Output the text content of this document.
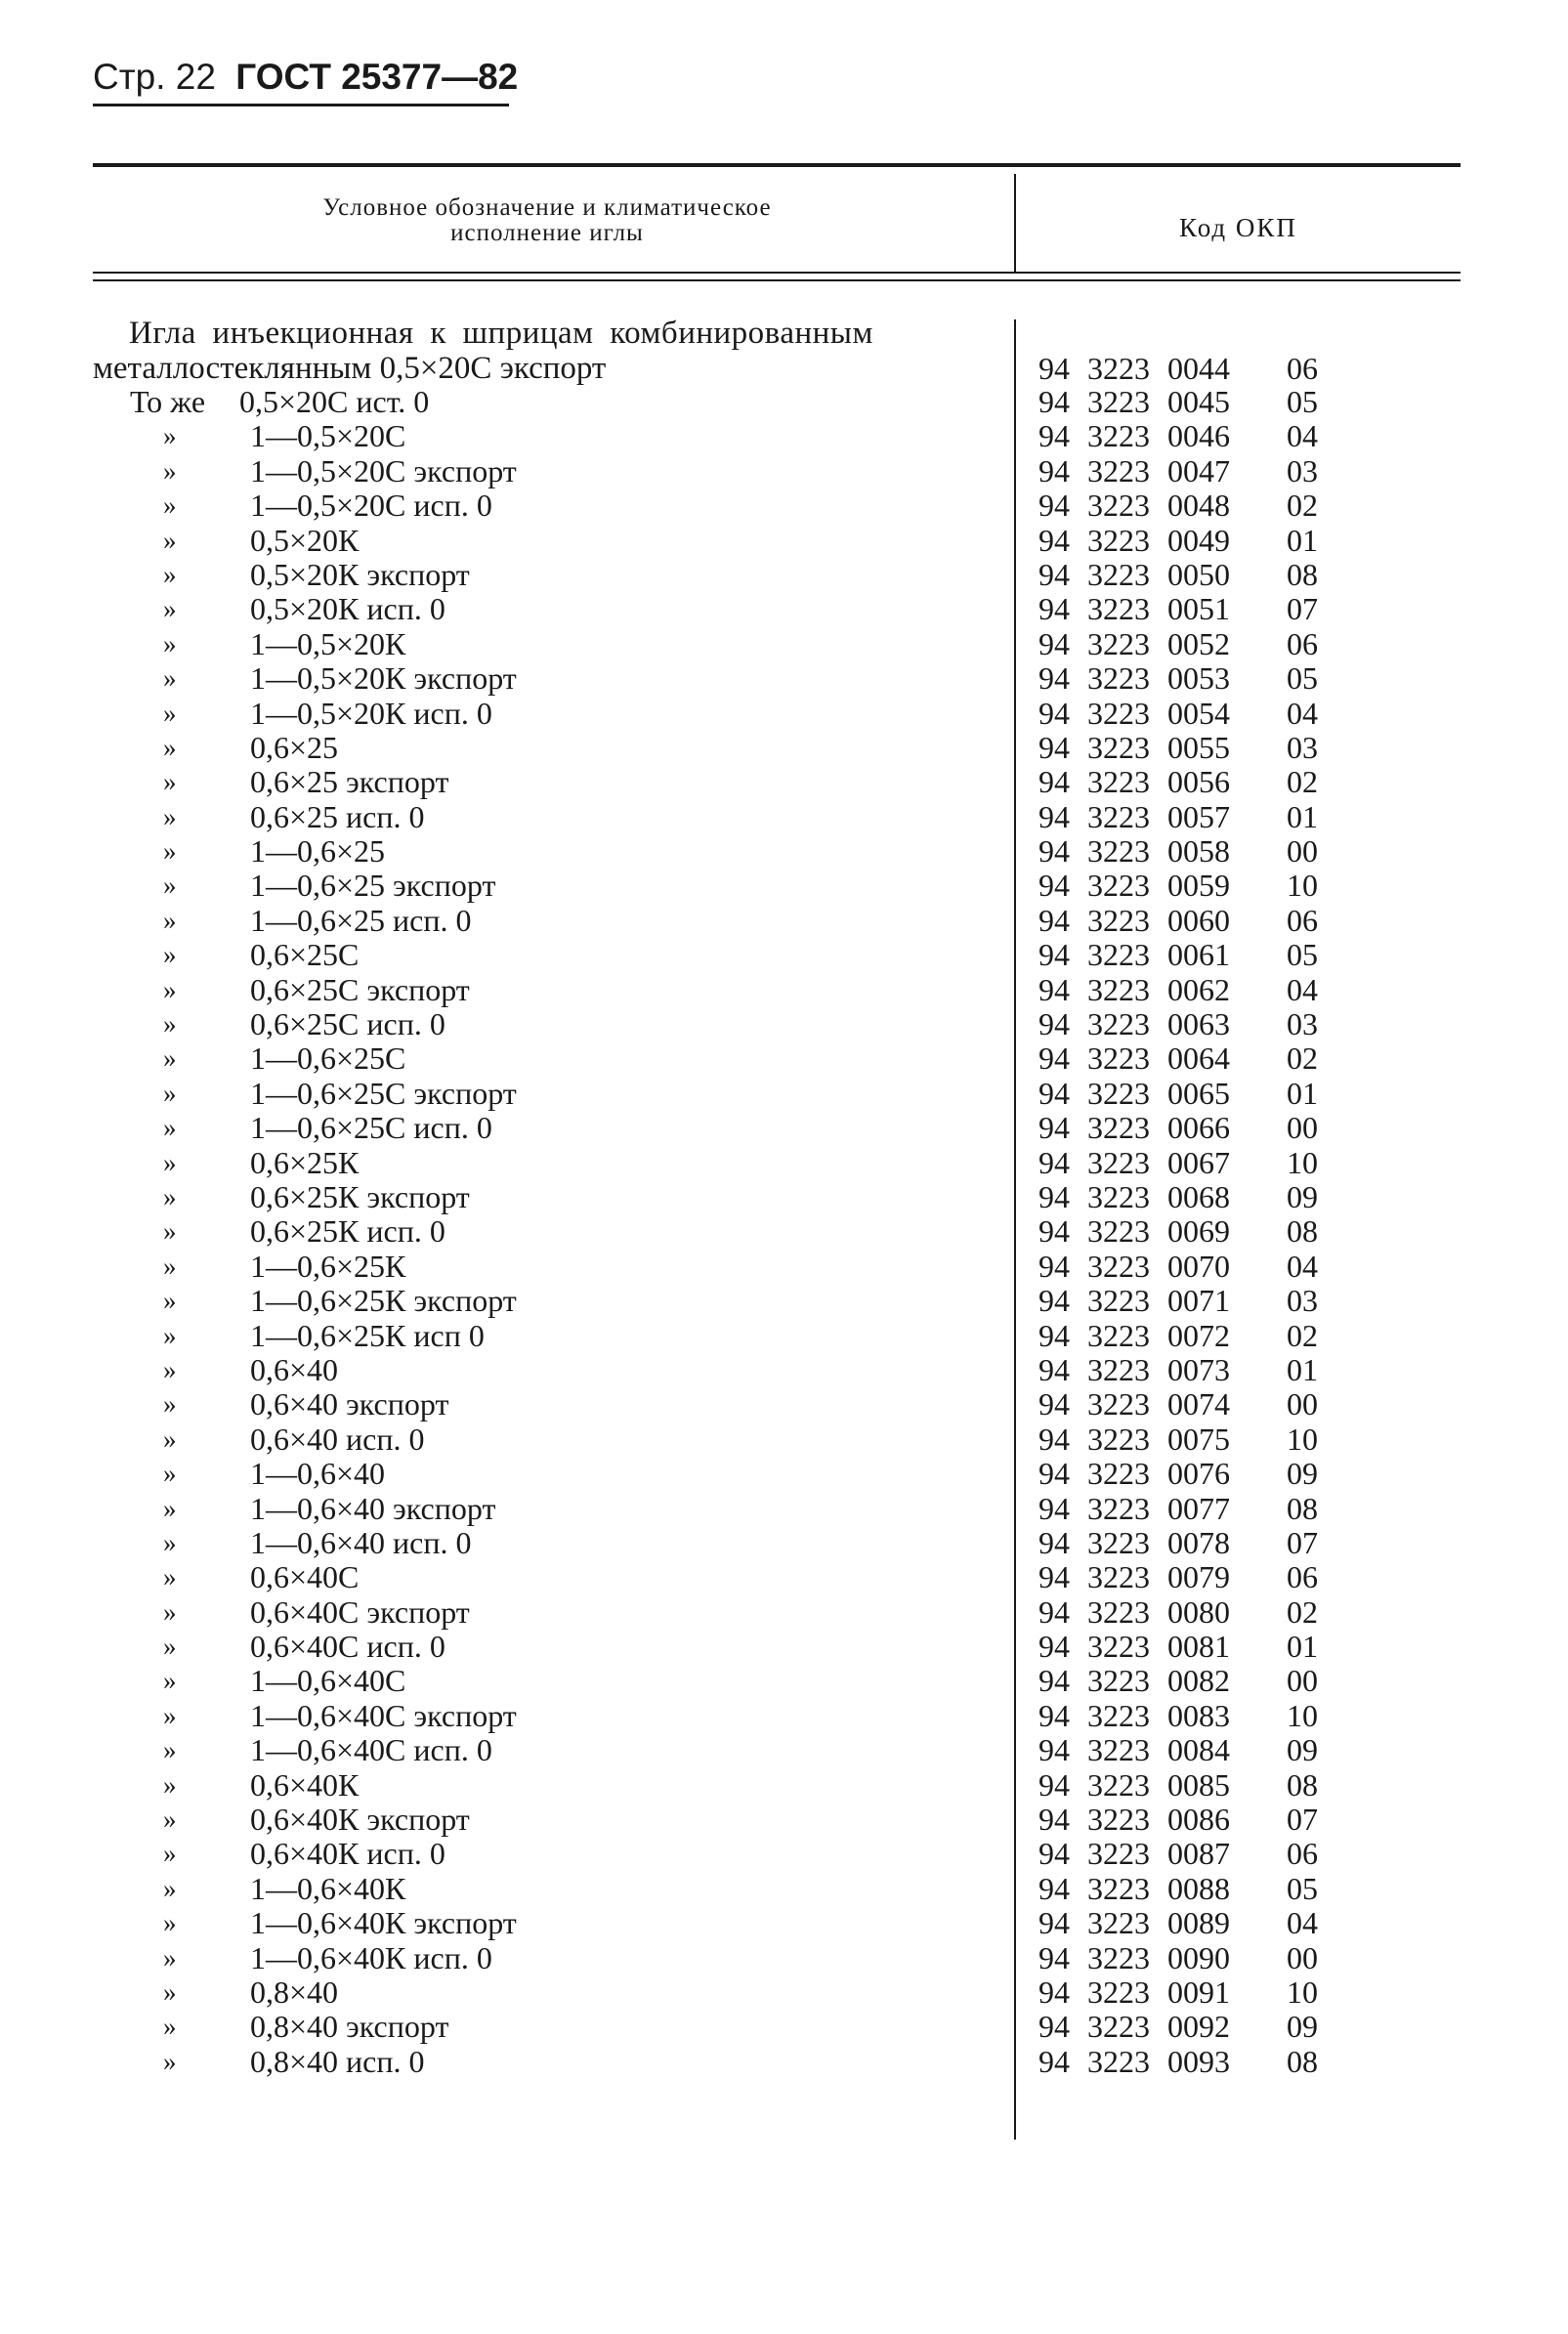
Стр. 22 ГОСТ 25377—82
Условное обозначение и климатическое
исполнение иглы	Код ОКП
Игла инъекционная к шприцам комбинированным
металлостеклянным 0,5×20С экспорт	94 3223 0044 06
То же 0,5×20С ист. 0	94 3223 0045 05
» 1—0,5×20С	94 3223 0046 04
» 1—0,5×20С экспорт	94 3223 0047 03
» 1—0,5×20С исп. 0	94 3223 0048 02
» 0,5×20К	94 3223 0049 01
» 0,5×20К экспорт	94 3223 0050 08
» 0,5×20К исп. 0	94 3223 0051 07
» 1—0,5×20К	94 3223 0052 06
» 1—0,5×20К экспорт	94 3223 0053 05
» 1—0,5×20К исп. 0	94 3223 0054 04
» 0,6×25	94 3223 0055 03
» 0,6×25 экспорт	94 3223 0056 02
» 0,6×25 исп. 0	94 3223 0057 01
» 1—0,6×25	94 3223 0058 00
» 1—0,6×25 экспорт	94 3223 0059 10
» 1—0,6×25 исп. 0	94 3223 0060 06
» 0,6×25С	94 3223 0061 05
» 0,6×25С экспорт	94 3223 0062 04
» 0,6×25С исп. 0	94 3223 0063 03
» 1—0,6×25С	94 3223 0064 02
» 1—0,6×25С экспорт	94 3223 0065 01
» 1—0,6×25С исп. 0	94 3223 0066 00
» 0,6×25К	94 3223 0067 10
» 0,6×25К экспорт	94 3223 0068 09
» 0,6×25К исп. 0	94 3223 0069 08
» 1—0,6×25К	94 3223 0070 04
» 1—0,6×25К экспорт	94 3223 0071 03
» 1—0,6×25К исп 0	94 3223 0072 02
» 0,6×40	94 3223 0073 01
» 0,6×40 экспорт	94 3223 0074 00
» 0,6×40 исп. 0	94 3223 0075 10
» 1—0,6×40	94 3223 0076 09
» 1—0,6×40 экспорт	94 3223 0077 08
» 1—0,6×40 исп. 0	94 3223 0078 07
» 0,6×40С	94 3223 0079 06
» 0,6×40С экспорт	94 3223 0080 02
» 0,6×40С исп. 0	94 3223 0081 01
» 1—0,6×40С	94 3223 0082 00
» 1—0,6×40С экспорт	94 3223 0083 10
» 1—0,6×40С исп. 0	94 3223 0084 09
» 0,6×40К	94 3223 0085 08
» 0,6×40К экспорт	94 3223 0086 07
» 0,6×40К исп. 0	94 3223 0087 06
» 1—0,6×40К	94 3223 0088 05
» 1—0,6×40К экспорт	94 3223 0089 04
» 1—0,6×40К исп. 0	94 3223 0090 00
» 0,8×40	94 3223 0091 10
» 0,8×40 экспорт	94 3223 0092 09
» 0,8×40 исп. 0	94 3223 0093 08
